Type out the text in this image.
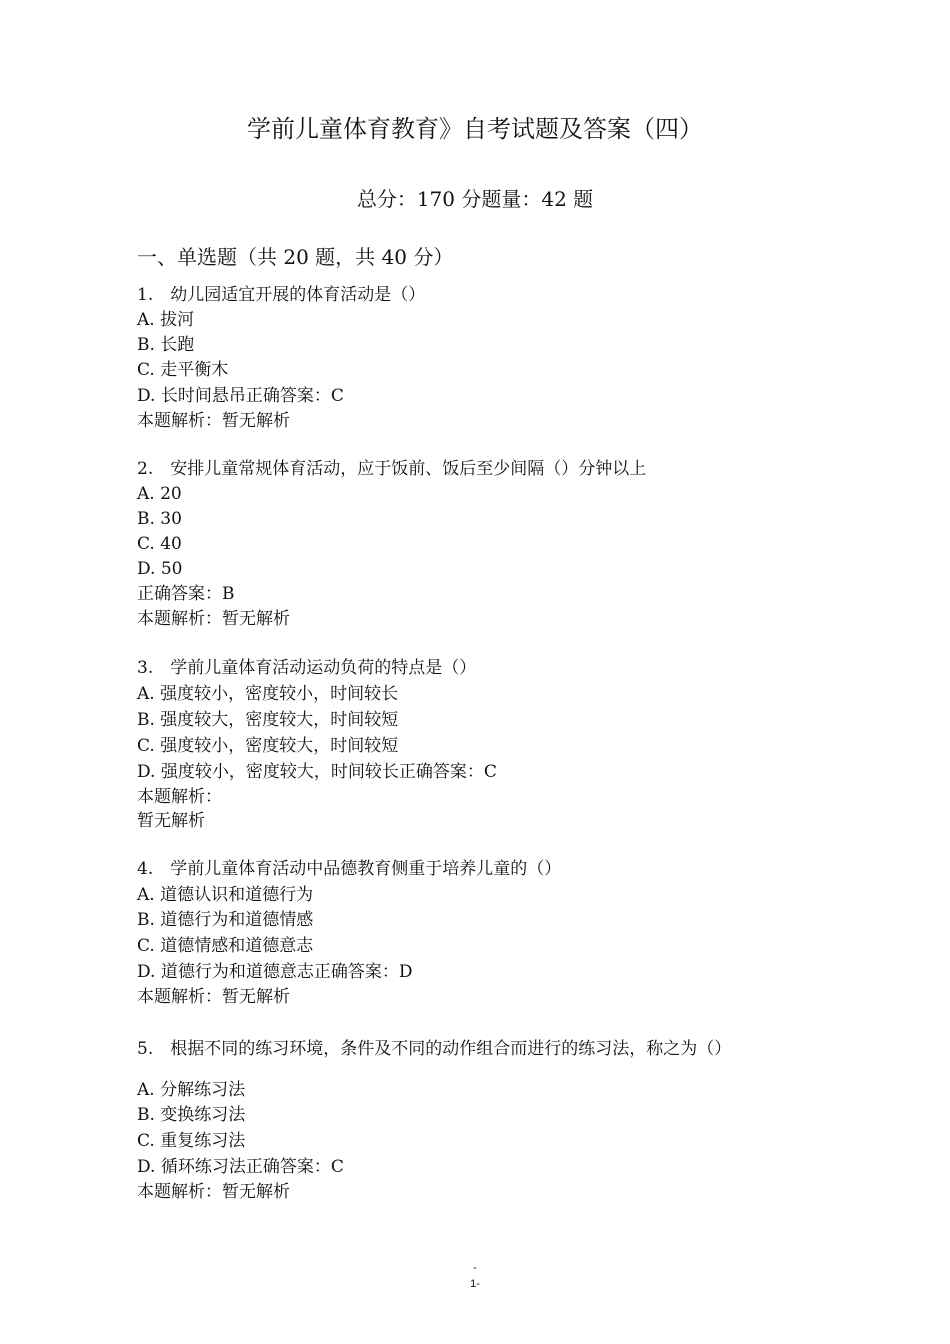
学前儿童体育教育》自考试题及答案（四）
总分：170 分题量：42 题
一、单选题（共 20 题，共 40 分）
1.　幼儿园适宜开展的体育活动是（）
A. 拔河
B. 长跑
C. 走平衡木
D. 长时间悬吊正确答案：C
本题解析：暂无解析
2.　安排儿童常规体育活动，应于饭前、饭后至少间隔（）分钟以上
A. 20
B. 30
C. 40
D. 50
正确答案：B
本题解析：暂无解析
3.　学前儿童体育活动运动负荷的特点是（）
A. 强度较小，密度较小，时间较长
B. 强度较大，密度较大，时间较短
C. 强度较小，密度较大，时间较短
D. 强度较小，密度较大，时间较长正确答案：C
本题解析：
暂无解析
4.　学前儿童体育活动中品德教育侧重于培养儿童的（）
A. 道德认识和道德行为
B. 道德行为和道德情感
C. 道德情感和道德意志
D. 道德行为和道德意志正确答案：D
本题解析：暂无解析
5.　根据不同的练习环境，条件及不同的动作组合而进行的练习法，称之为（）
A. 分解练习法
B. 变换练习法
C. 重复练习法
D. 循环练习法正确答案：C
本题解析：暂无解析
-
1-
